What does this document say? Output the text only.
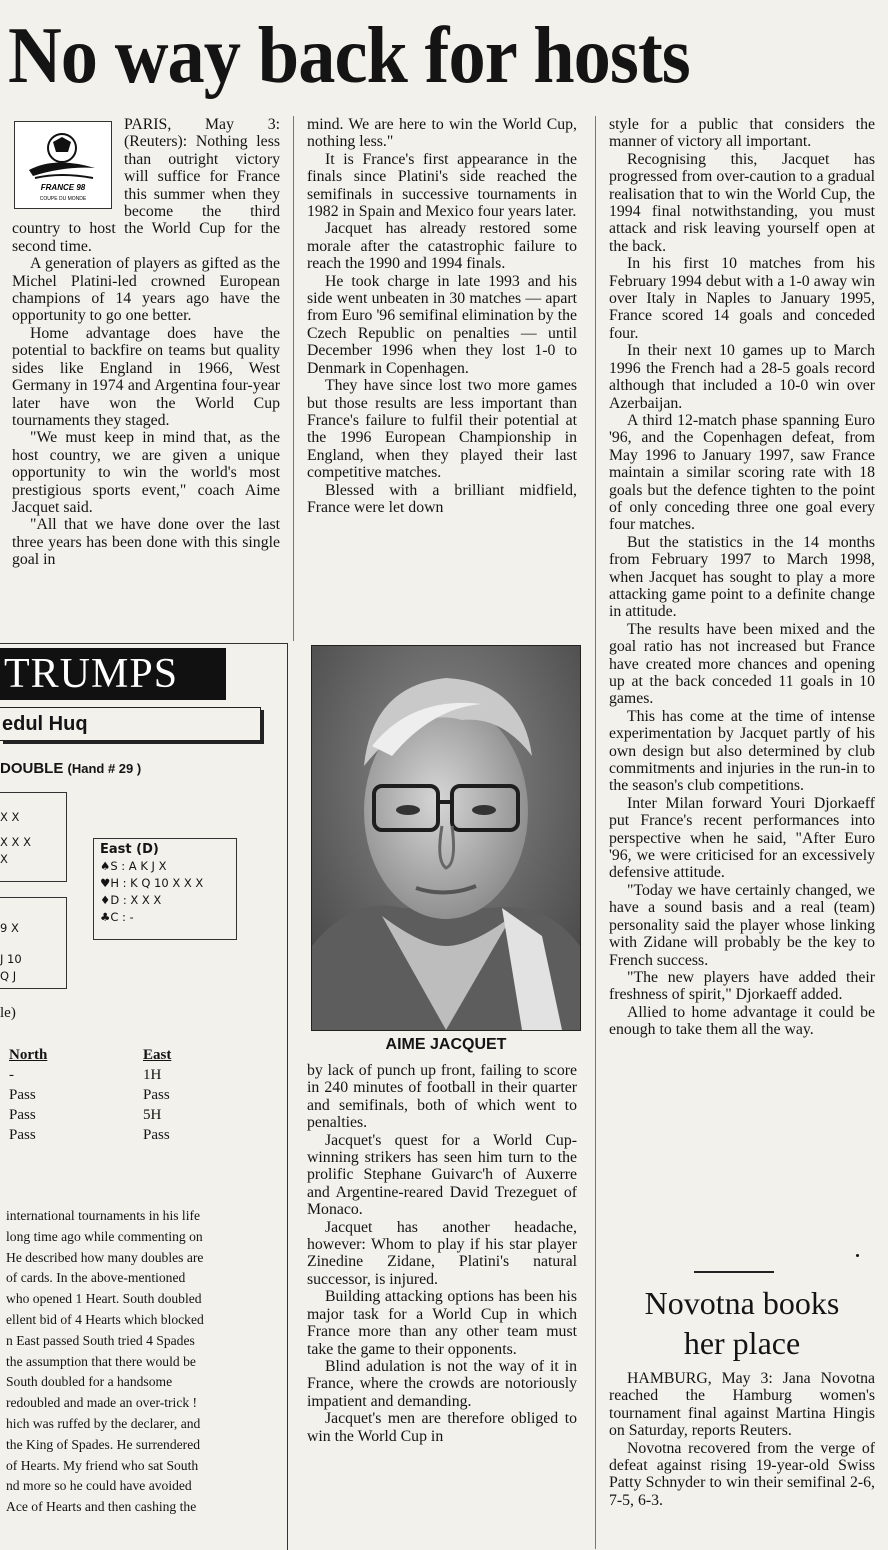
No way back for hosts
FRANCE 98
COUPE DU MONDE

PARIS, May 3: (Reuters): Nothing less than outright victory will suffice for France this summer when they become the third country to host the World Cup for the second time.

A generation of players as gifted as the Michel Platini-led crowned European champions of 14 years ago have the opportunity to go one better.

Home advantage does have the potential to backfire on teams but quality sides like England in 1966, West Germany in 1974 and Argentina four-year later have won the World Cup tournaments they staged.

"We must keep in mind that, as the host country, we are given a unique opportunity to win the world's most prestigious sports event," coach Aime Jacquet said.

"All that we have done over the last three years has been done with this single goal in

mind. We are here to win the World Cup, nothing less."

It is France's first appearance in the finals since Platini's side reached the semifinals in successive tournaments in 1982 in Spain and Mexico four years later.

Jacquet has already restored some morale after the catastrophic failure to reach the 1990 and 1994 finals.

He took charge in late 1993 and his side went unbeaten in 30 matches — apart from Euro '96 semifinal elimination by the Czech Republic on penalties — until December 1996 when they lost 1-0 to Denmark in Copenhagen.

They have since lost two more games but those results are less important than France's failure to fulfil their potential at the 1996 European Championship in England, when they played their last competitive matches.

Blessed with a brilliant midfield, France were let down

AIME JACQUET

by lack of punch up front, failing to score in 240 minutes of football in their quarter and semifinals, both of which went to penalties.

Jacquet's quest for a World Cup-winning strikers has seen him turn to the prolific Stephane Guivarc'h of Auxerre and Argentine-reared David Trezeguet of Monaco.

Jacquet has another headache, however: Whom to play if his star player Zinedine Zidane, Platini's natural successor, is injured.

Building attacking options has been his major task for a World Cup in which France more than any other team must take the game to their opponents.

Blind adulation is not the way of it in France, where the crowds are notoriously impatient and demanding.

Jacquet's men are therefore obliged to win the World Cup in

style for a public that considers the manner of victory all important.

Recognising this, Jacquet has progressed from over-caution to a gradual realisation that to win the World Cup, the 1994 final notwithstanding, you must attack and risk leaving yourself open at the back.

In his first 10 matches from his February 1994 debut with a 1-0 away win over Italy in Naples to January 1995, France scored 14 goals and conceded four.

In their next 10 games up to March 1996 the French had a 28-5 goals record although that included a 10-0 win over Azerbaijan.

A third 12-match phase spanning Euro '96, and the Copenhagen defeat, from May 1996 to January 1997, saw France maintain a similar scoring rate with 18 goals but the defence tighten to the point of only conceding three one goal every four matches.

But the statistics in the 14 months from February 1997 to March 1998, when Jacquet has sought to play a more attacking game point to a definite change in attitude.

The results have been mixed and the goal ratio has not increased but France have created more chances and opening up at the back conceded 11 goals in 10 games.

This has come at the time of intense experimentation by Jacquet partly of his own design but also determined by club commitments and injuries in the run-in to the season's club competitions.

Inter Milan forward Youri Djorkaeff put France's recent performances into perspective when he said, "After Euro '96, we were criticised for an excessively defensive attitude.

"Today we have certainly changed, we have a sound basis and a real (team) personality said the player whose linking with Zidane will probably be the key to French success.

"The new players have added their freshness of spirit," Djorkaeff added.

Allied to home advantage it could be enough to take them all the way.

Novotna books
her place

HAMBURG, May 3: Jana Novotna reached the Hamburg women's tournament final against Martina Hingis on Saturday, reports Reuters.

Novotna recovered from the verge of defeat against rising 19-year-old Swiss Patty Schnyder to win their semifinal 2-6, 7-5, 6-3.

TRUMPS
edul Huq
DOUBLE (Hand # 29 )
X X
X X X
X
East (D)
♠S : A K J X
♥H : K Q 10 X X X
♦D : X X X
♣C : -
9 X
J 10
Q J
le)
North
-
Pass
Pass
Pass
East
1H
Pass
5H
Pass
international tournaments in his life
long time ago while commenting on
He described how many doubles are
of cards. In the above-mentioned
who opened 1 Heart. South doubled
ellent bid of 4 Hearts which blocked
n East passed South tried 4 Spades
the assumption that there would be
South doubled for a handsome
redoubled and made an over-trick !
hich was ruffed by the declarer, and
the King of Spades. He surrendered
of Hearts. My friend who sat South
nd more so he could have avoided
Ace of Hearts and then cashing the
